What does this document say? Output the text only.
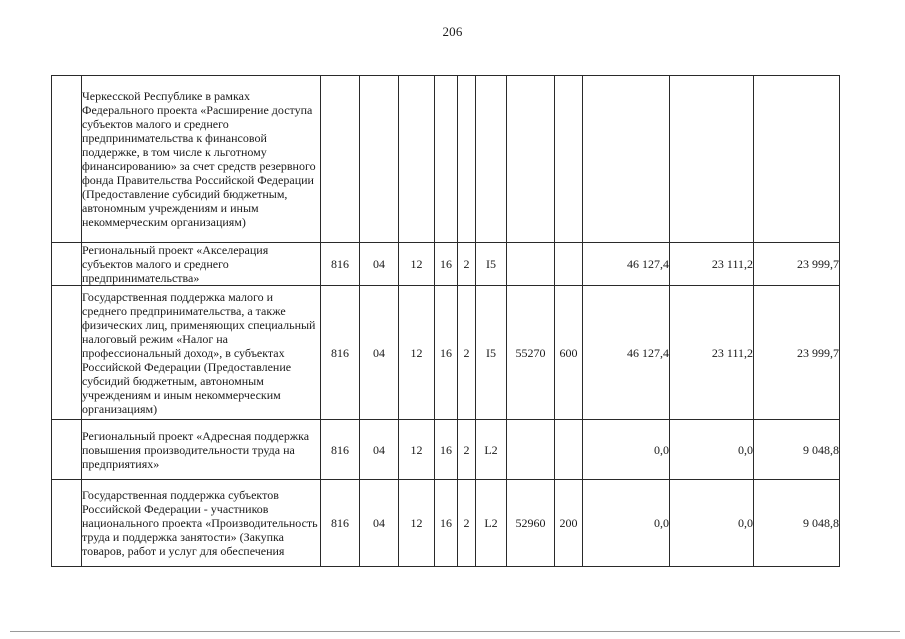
206
	Черкесской Республике в рамках Федерального проекта «Расширение доступа субъектов малого и среднего предпринимательства к финансовой поддержке, в том числе к льготному финансированию» за счет средств резервного фонда Правительства Российской Федерации (Предоставление субсидий бюджетным, автономным учреждениям и иным некоммерческим организациям)											
	Региональный проект «Акселерация субъектов малого и среднего предпринимательства»	816	04	12	16	2	I5			46 127,4	23 111,2	23 999,7
	Государственная поддержка малого и среднего предпринимательства, а также физических лиц, применяющих специальный налоговый режим «Налог на профессиональный доход», в субъектах Российской Федерации (Предоставление субсидий бюджетным, автономным учреждениям и иным некоммерческим организациям)	816	04	12	16	2	I5	55270	600	46 127,4	23 111,2	23 999,7
	Региональный проект «Адресная поддержка повышения производительности труда на предприятиях»	816	04	12	16	2	L2			0,0	0,0	9 048,8
	Государственная поддержка субъектов Российской Федерации - участников национального проекта «Производительность труда и поддержка занятости» (Закупка товаров, работ и услуг для обеспечения	816	04	12	16	2	L2	52960	200	0,0	0,0	9 048,8
